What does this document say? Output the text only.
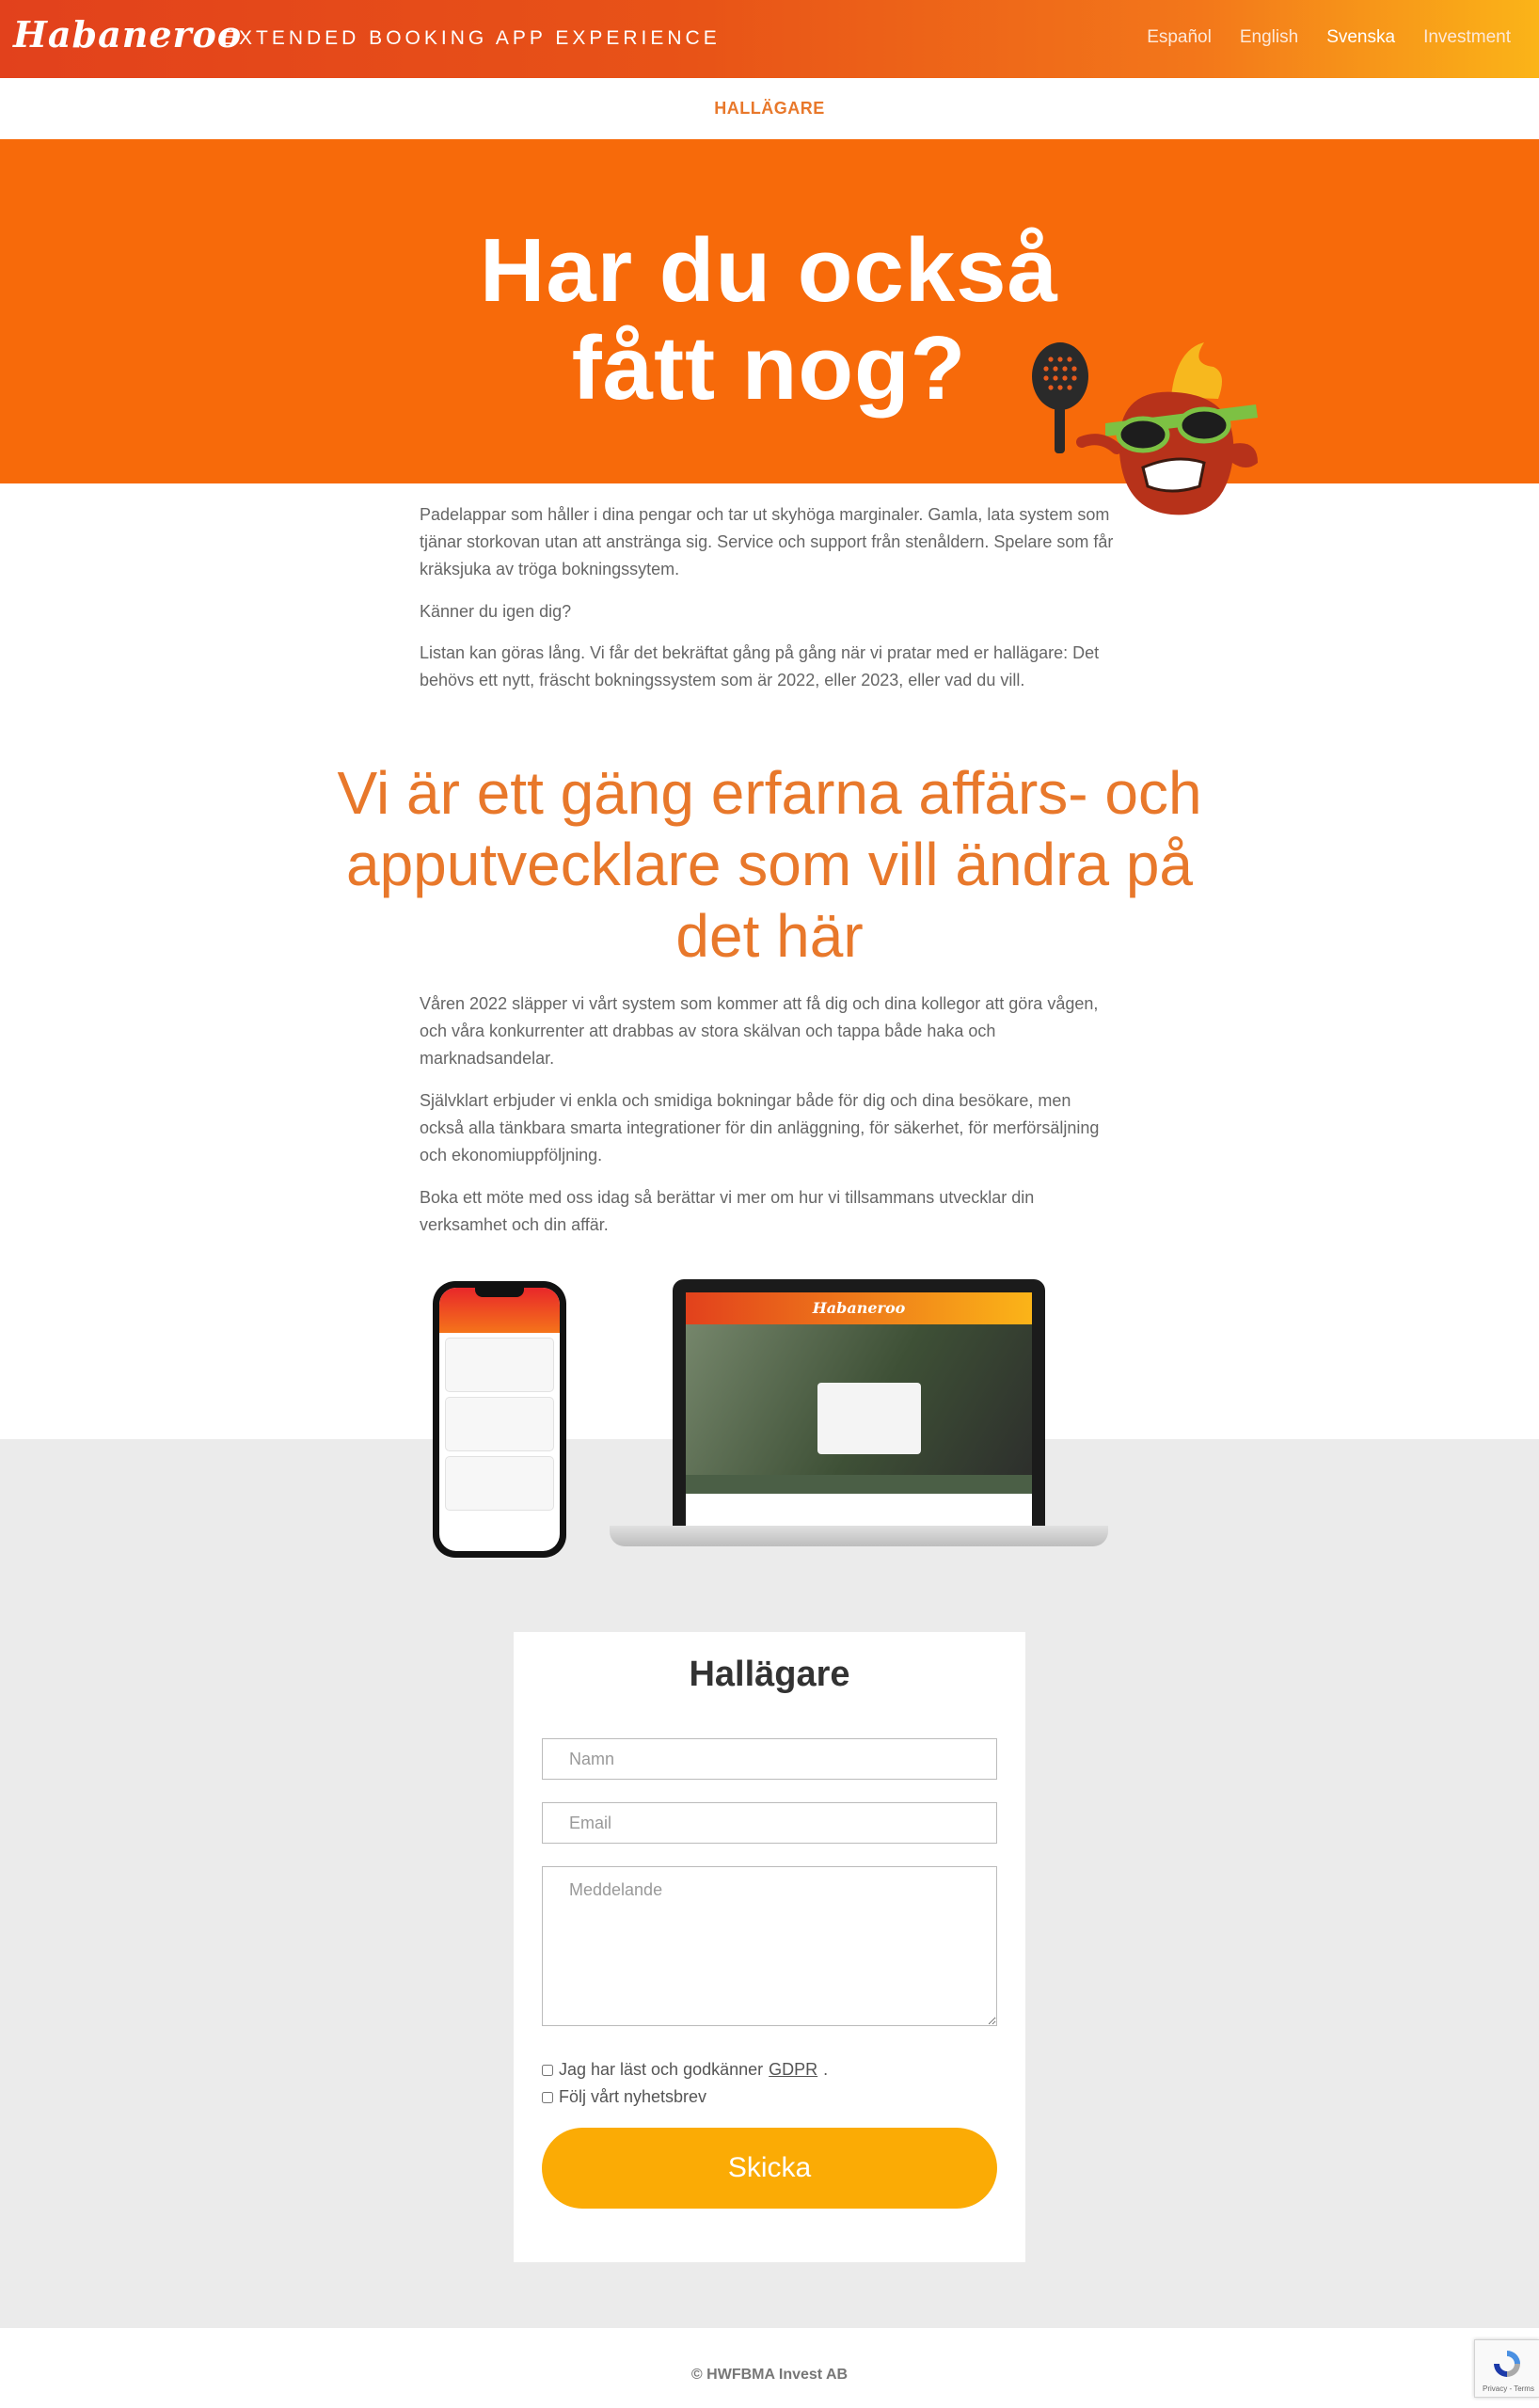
Habaneroo
EXTENDED BOOKING APP EXPERIENCE	Español English Svenska Investment
HALLÄGARE
Har du också
fått nog?

Padelappar som håller i dina pengar och tar ut skyhöga marginaler. Gamla, lata system som tjänar storkovan utan att anstränga sig. Service och support från stenåldern. Spelare som får kräksjuka av tröga bokningssytem.

Känner du igen dig?

Listan kan göras lång. Vi får det bekräftat gång på gång när vi pratar med er hallägare: Det behövs ett nytt, fräscht bokningssystem som är 2022, eller 2023, eller vad du vill.

Vi är ett gäng erfarna affärs- och apputvecklare som vill ändra på det här

Våren 2022 släpper vi vårt system som kommer att få dig och dina kollegor att göra vågen, och våra konkurrenter att drabbas av stora skälvan och tappa både haka och marknadsandelar.

Självklart erbjuder vi enkla och smidiga bokningar både för dig och dina besökare, men också alla tänkbara smarta integrationer för din anläggning, för säkerhet, för merförsäljning och ekonomiuppföljning.

Boka ett möte med oss idag så berättar vi mer om hur vi tillsammans utvecklar din verksamhet och din affär.

Habaneroo
Hallägare
Namn
Email
Meddelande
Jag har läst och godkänner GDPR .
Följ vårt nyhetsbrev
Skicka
© HWFBMA Invest AB
Privacy - Terms
